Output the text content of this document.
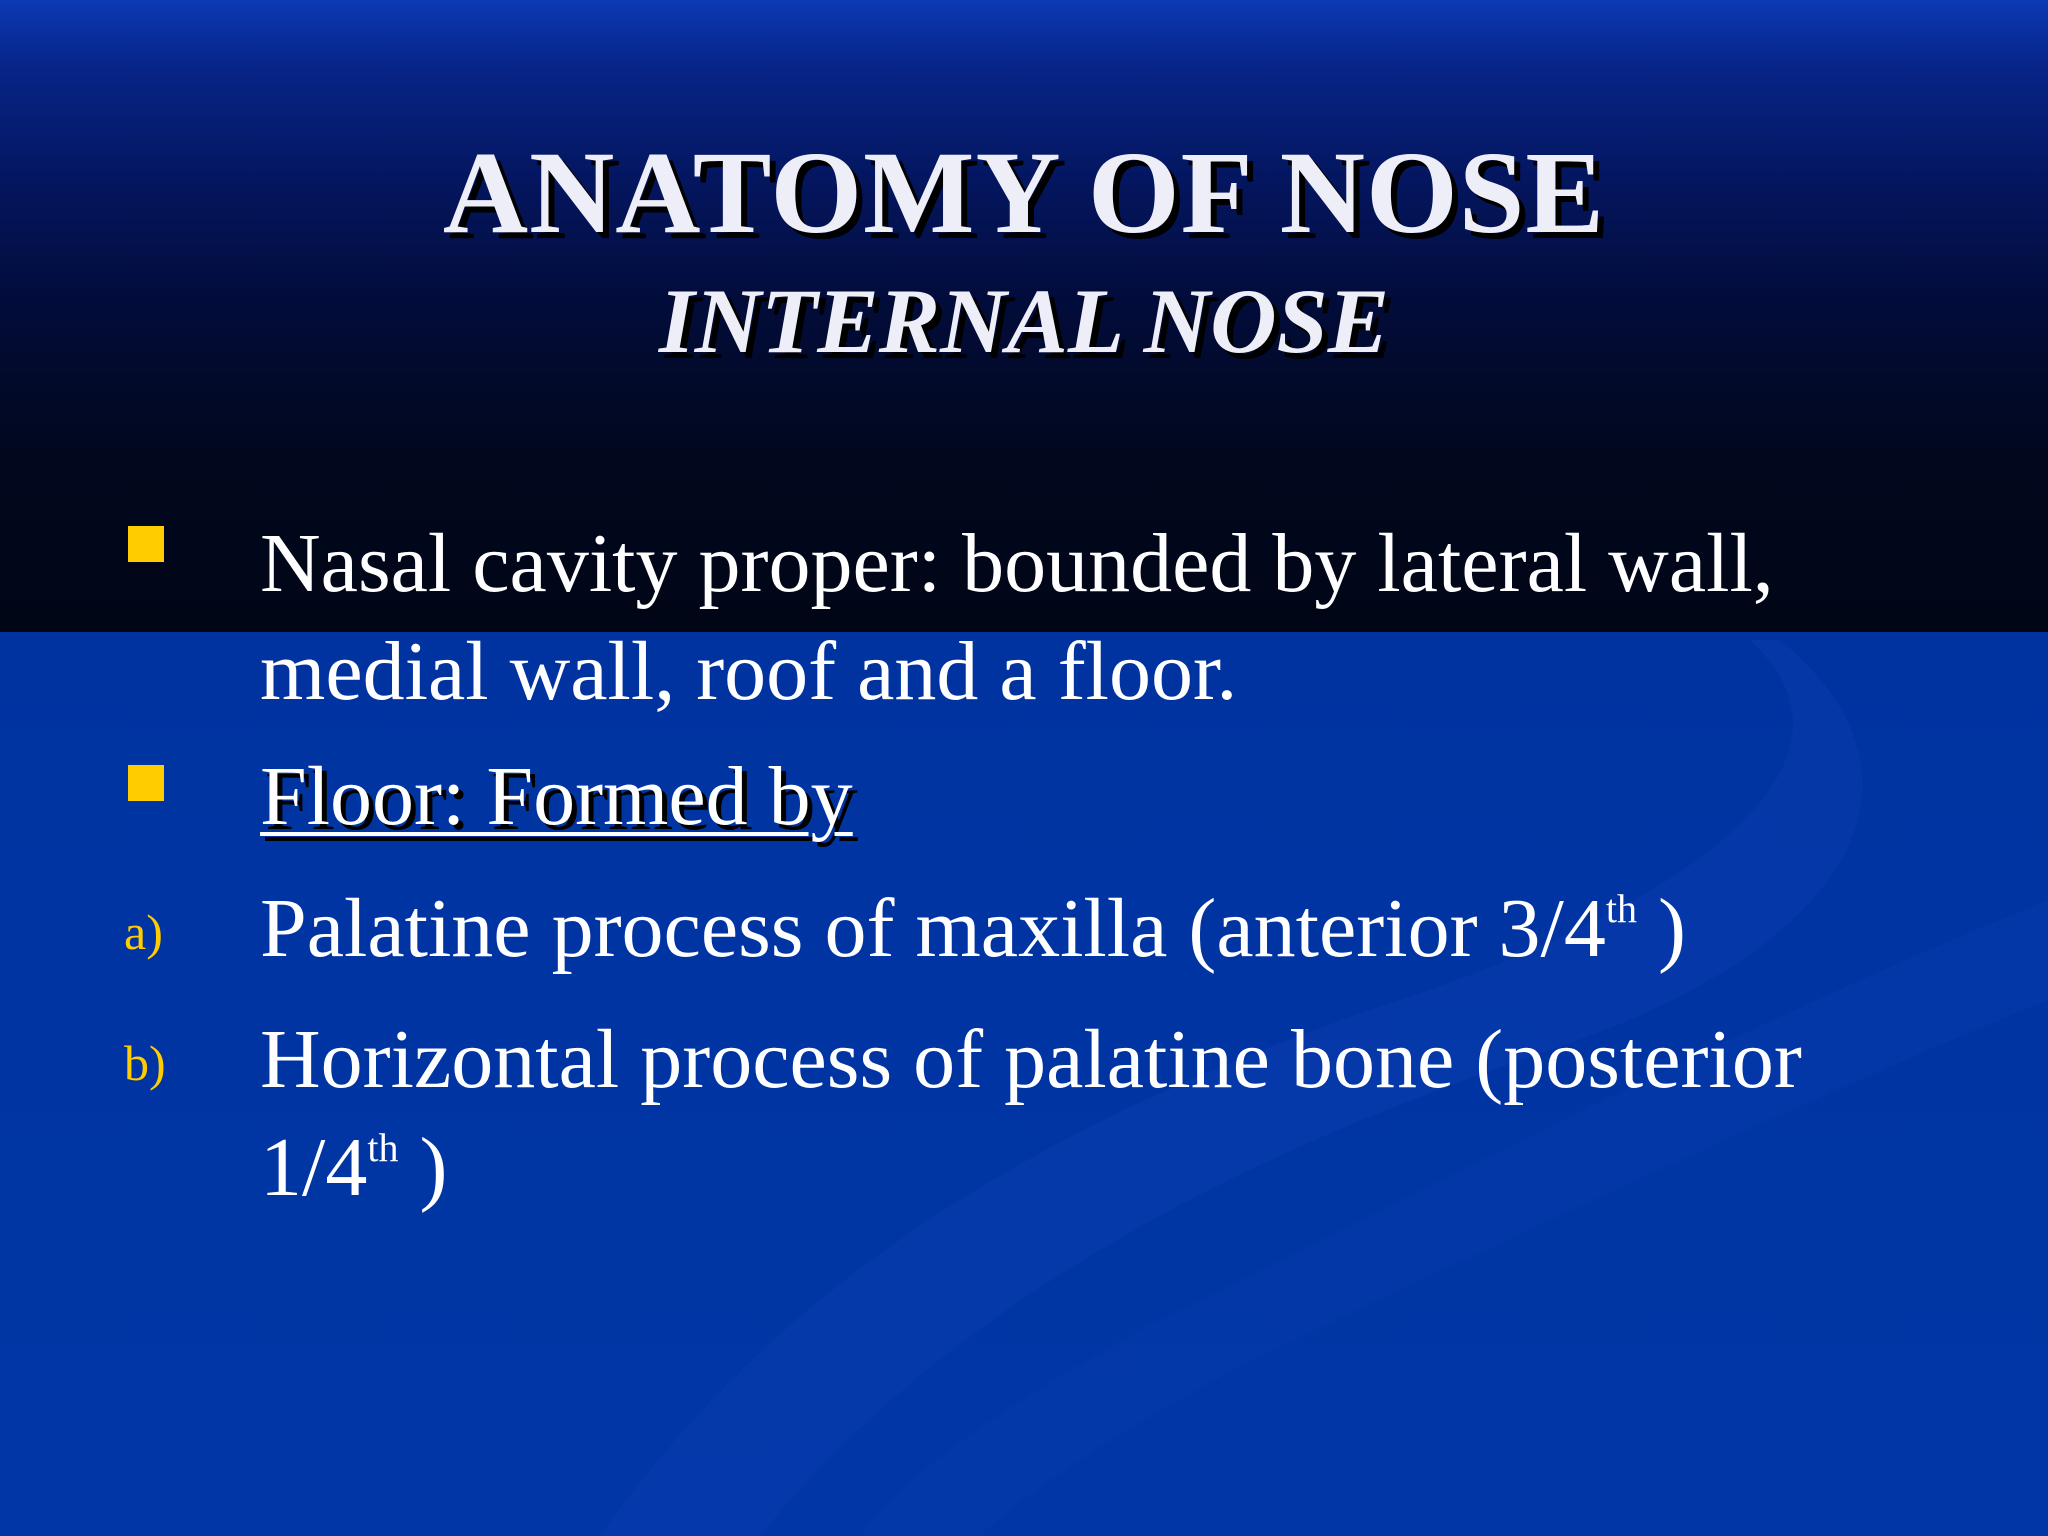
ANATOMY OF NOSE
INTERNAL NOSE
Nasal cavity proper: bounded by lateral wall, medial wall, roof and a floor.
Floor: Formed by
a) Palatine process of maxilla (anterior 3/4th )
b) Horizontal process of palatine bone (posterior
1/4th )
